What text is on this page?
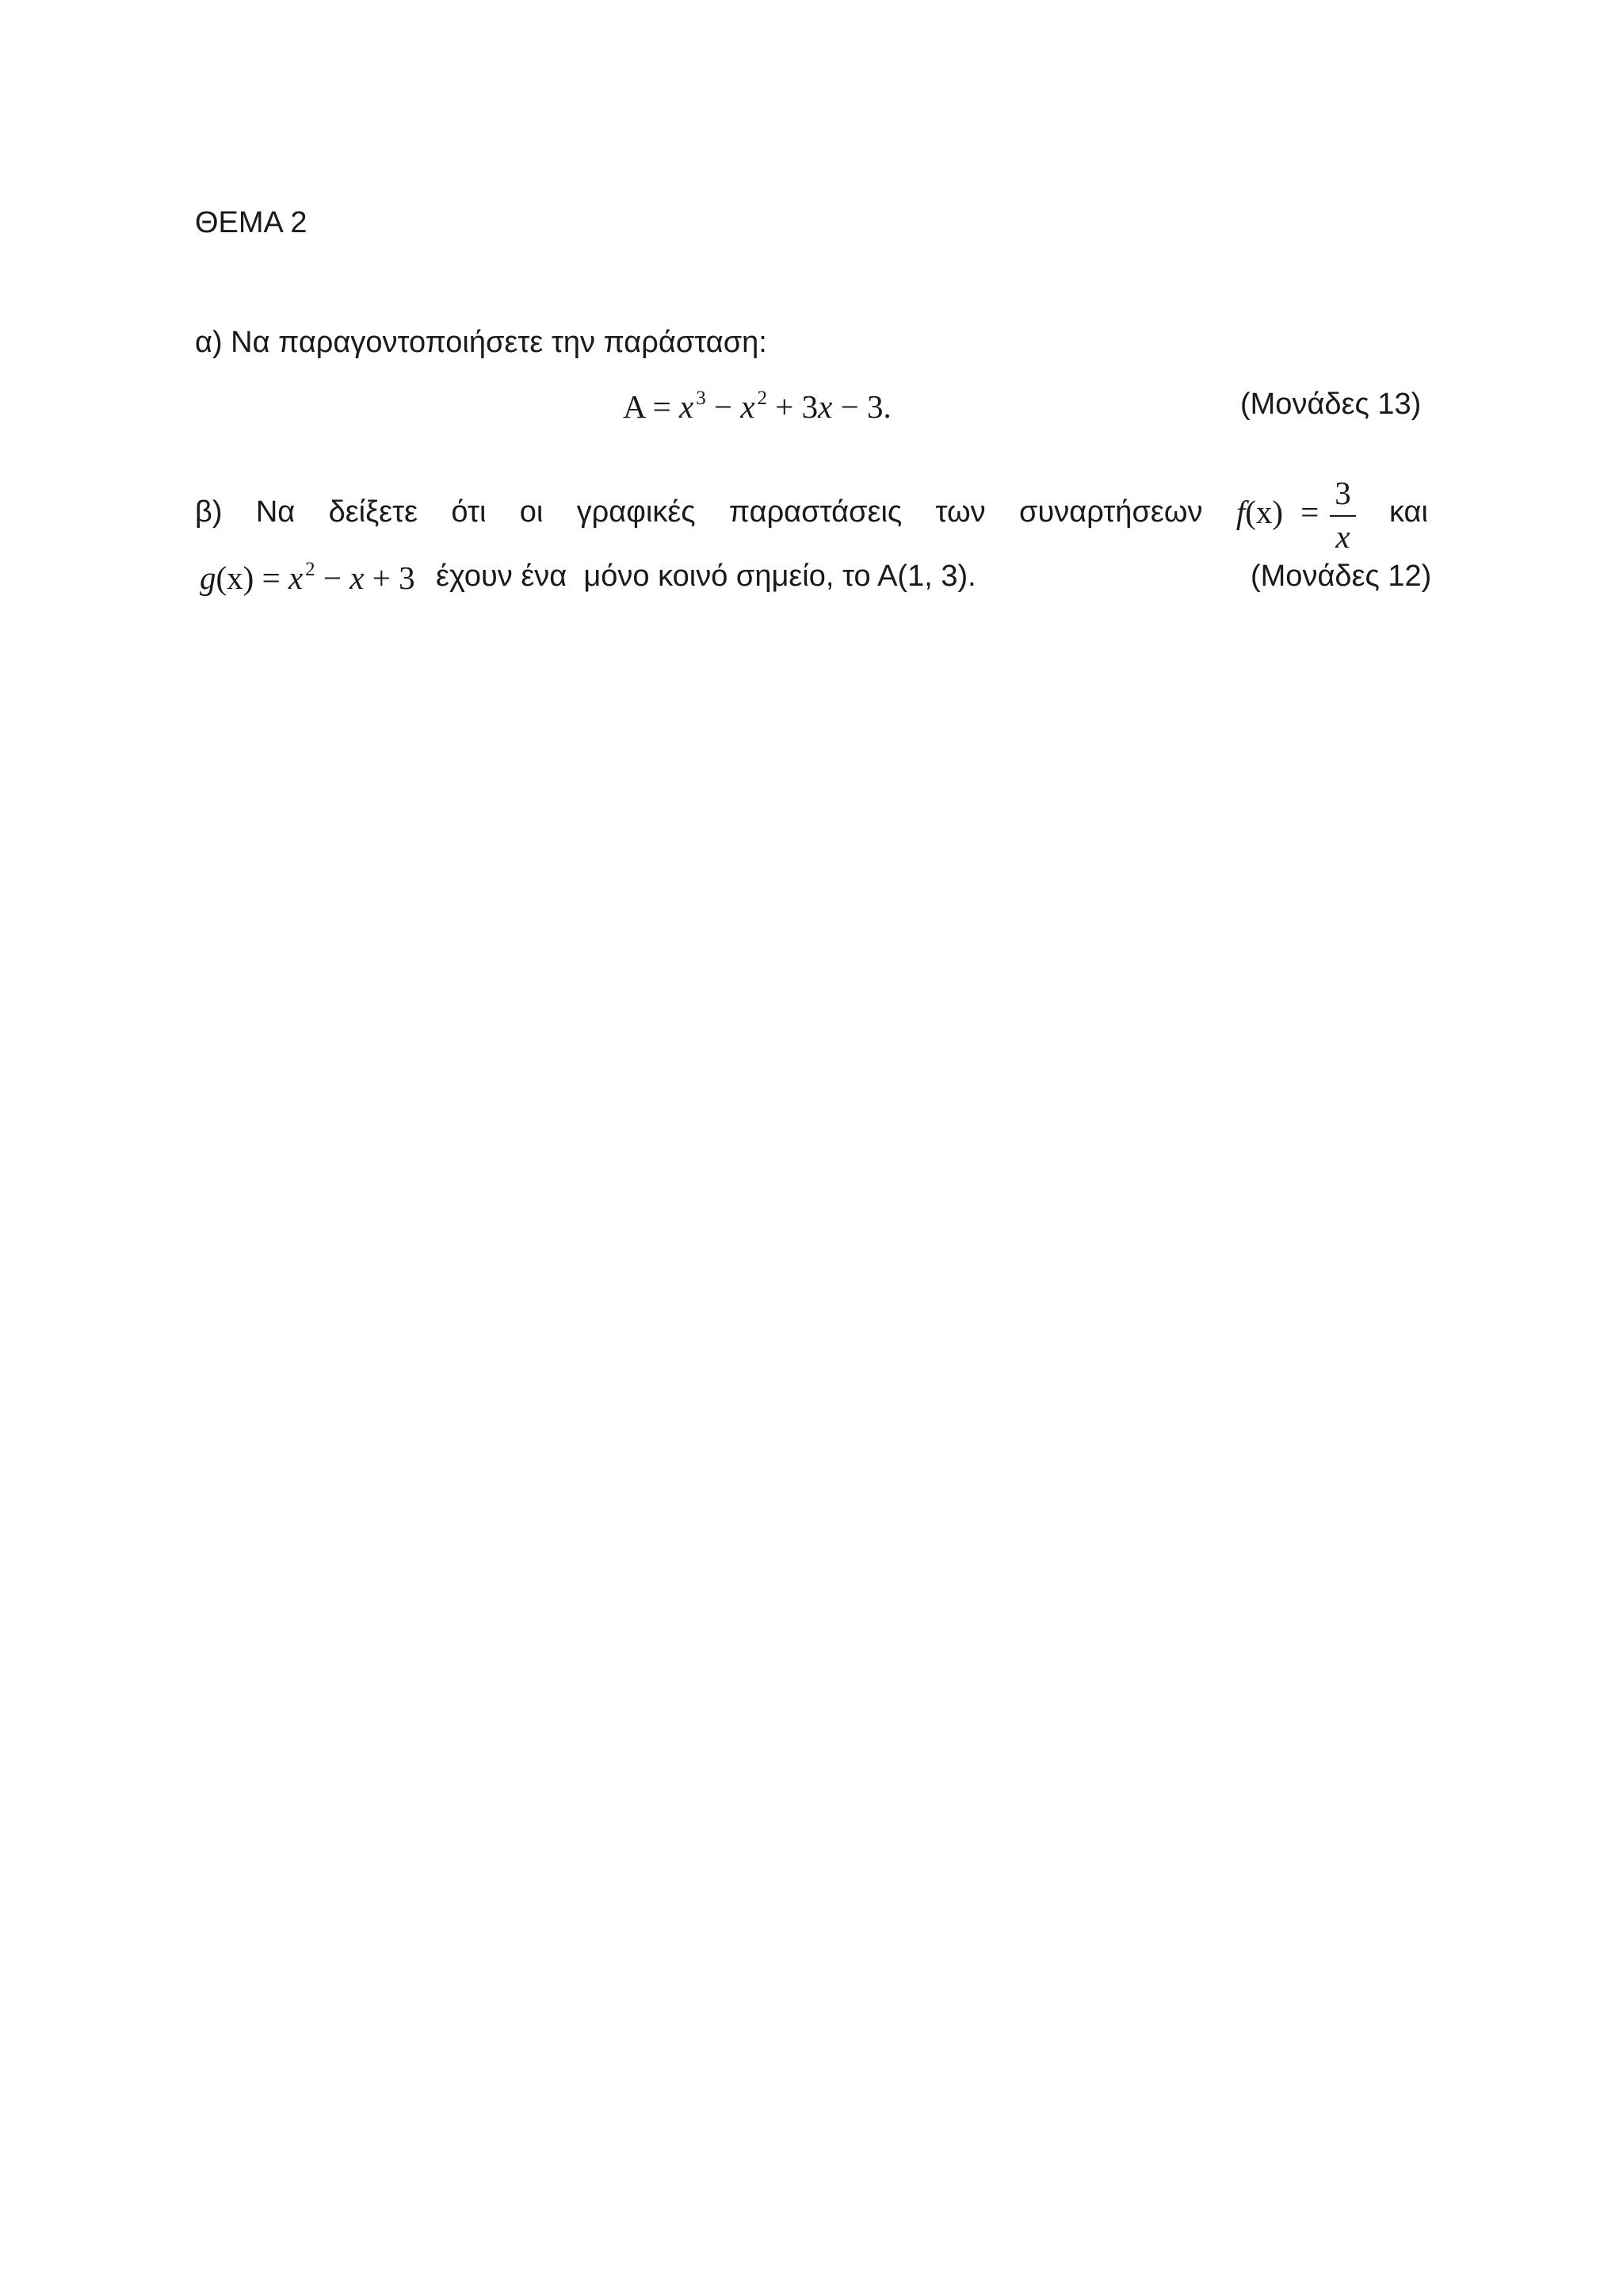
ΘΕΜΑ 2
α) Να παραγοντοποιήσετε την παράσταση:
A = x $^3$ − x $^2$ + 3x − 3.	(Μονάδες 13)
β) Να δείξετε ότι οι γραφικές παραστάσεις των συναρτήσεων f $(x) = \frac{3}{x}$ και
g(x) = x $^2$ − x + 3 έχουν ένα  μόνο κοινό σημείο, το Α(1, 3).	(Μονάδες 12)
